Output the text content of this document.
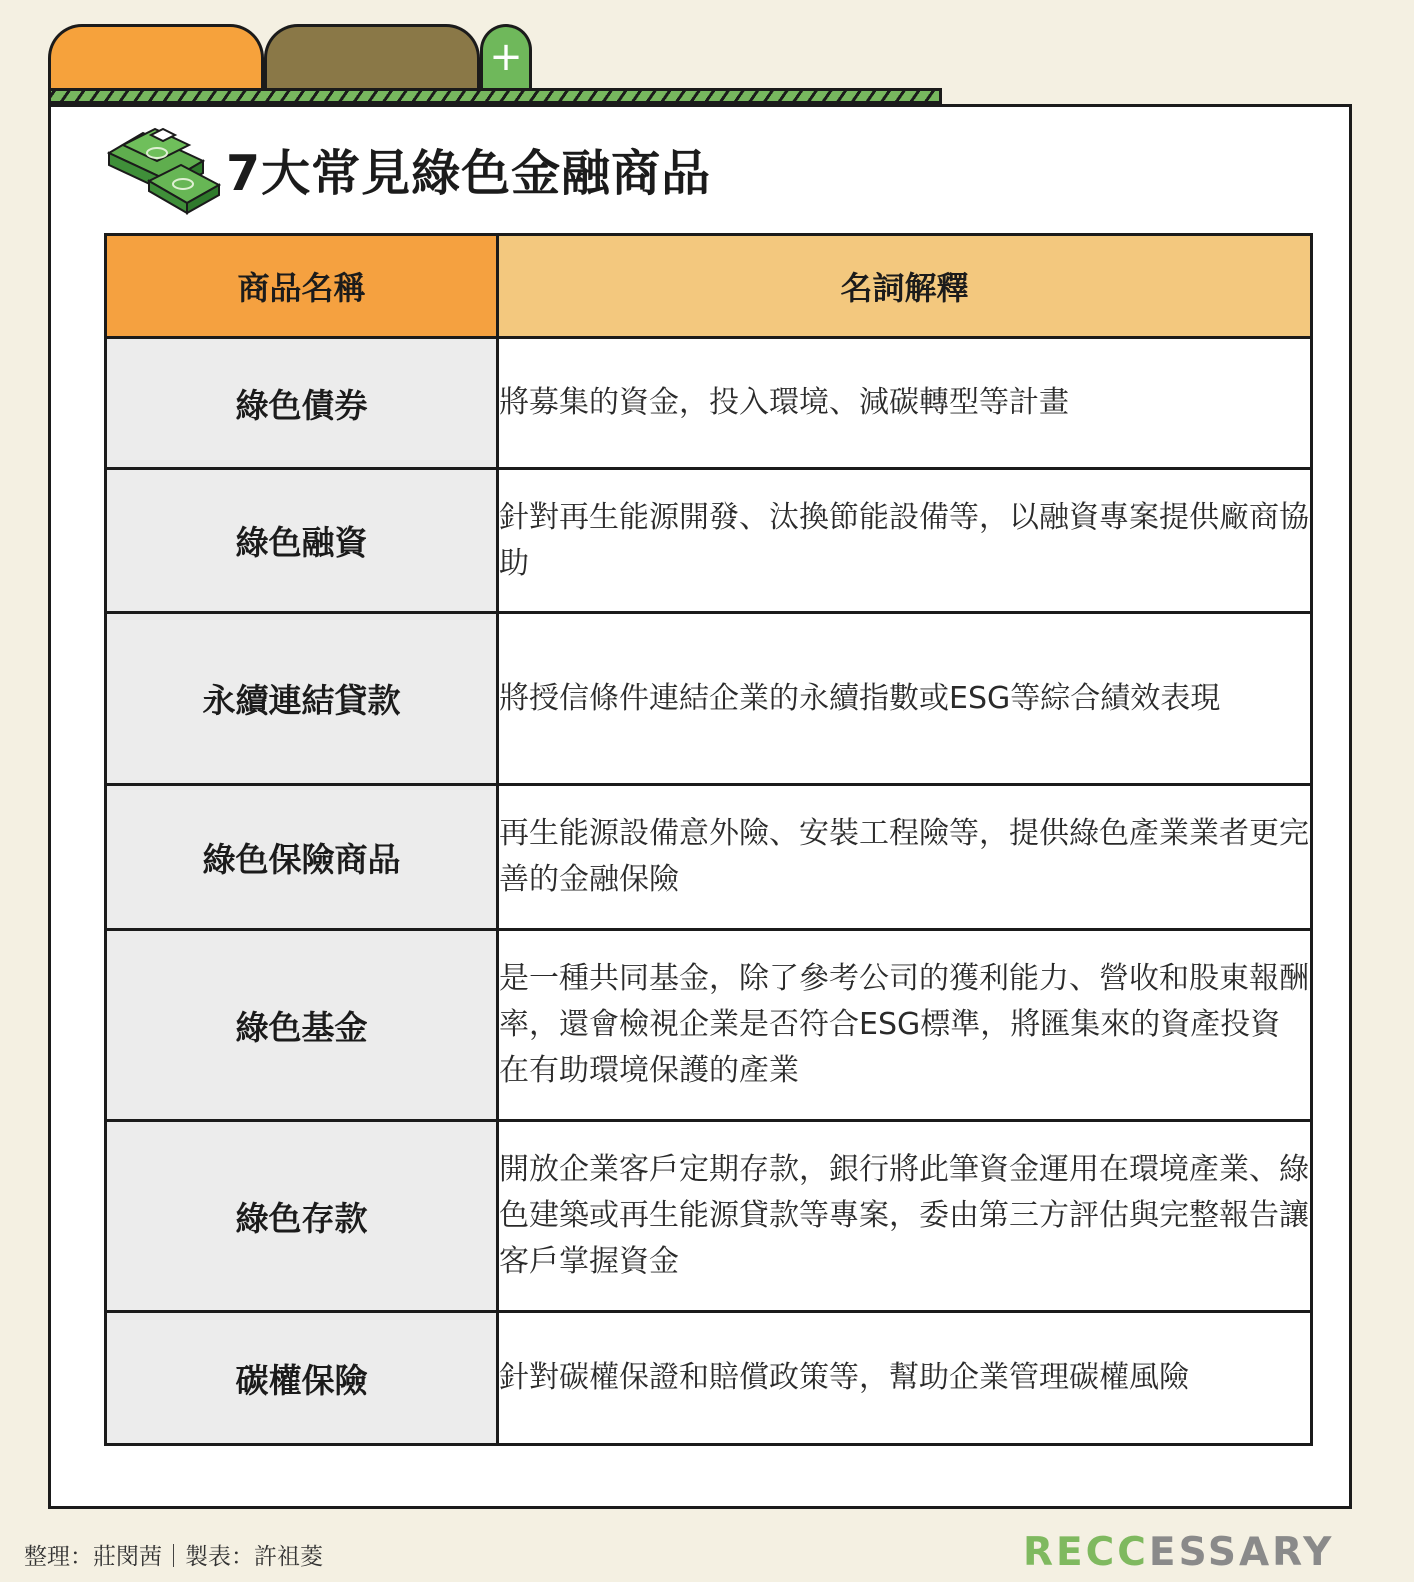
+
7大常見綠色金融商品
商品名稱	名詞解釋
綠色債券	將募集的資金，投入環境、減碳轉型等計畫
綠色融資	針對再生能源開發、汰換節能設備等，以融資專案提供廠商協助
永續連結貸款	將授信條件連結企業的永續指數或ESG等綜合績效表現
綠色保險商品	再生能源設備意外險、安裝工程險等，提供綠色產業業者更完善的金融保險
綠色基金	是一種共同基金，除了參考公司的獲利能力、營收和股東報酬率，還會檢視企業是否符合ESG標準，將匯集來的資產投資在有助環境保護的產業
綠色存款	開放企業客戶定期存款，銀行將此筆資金運用在環境產業、綠色建築或再生能源貸款等專案，委由第三方評估與完整報告讓客戶掌握資金
碳權保險	針對碳權保證和賠償政策等，幫助企業管理碳權風險
整理：莊閔茜｜製表：許祖菱	RECCESSARY
